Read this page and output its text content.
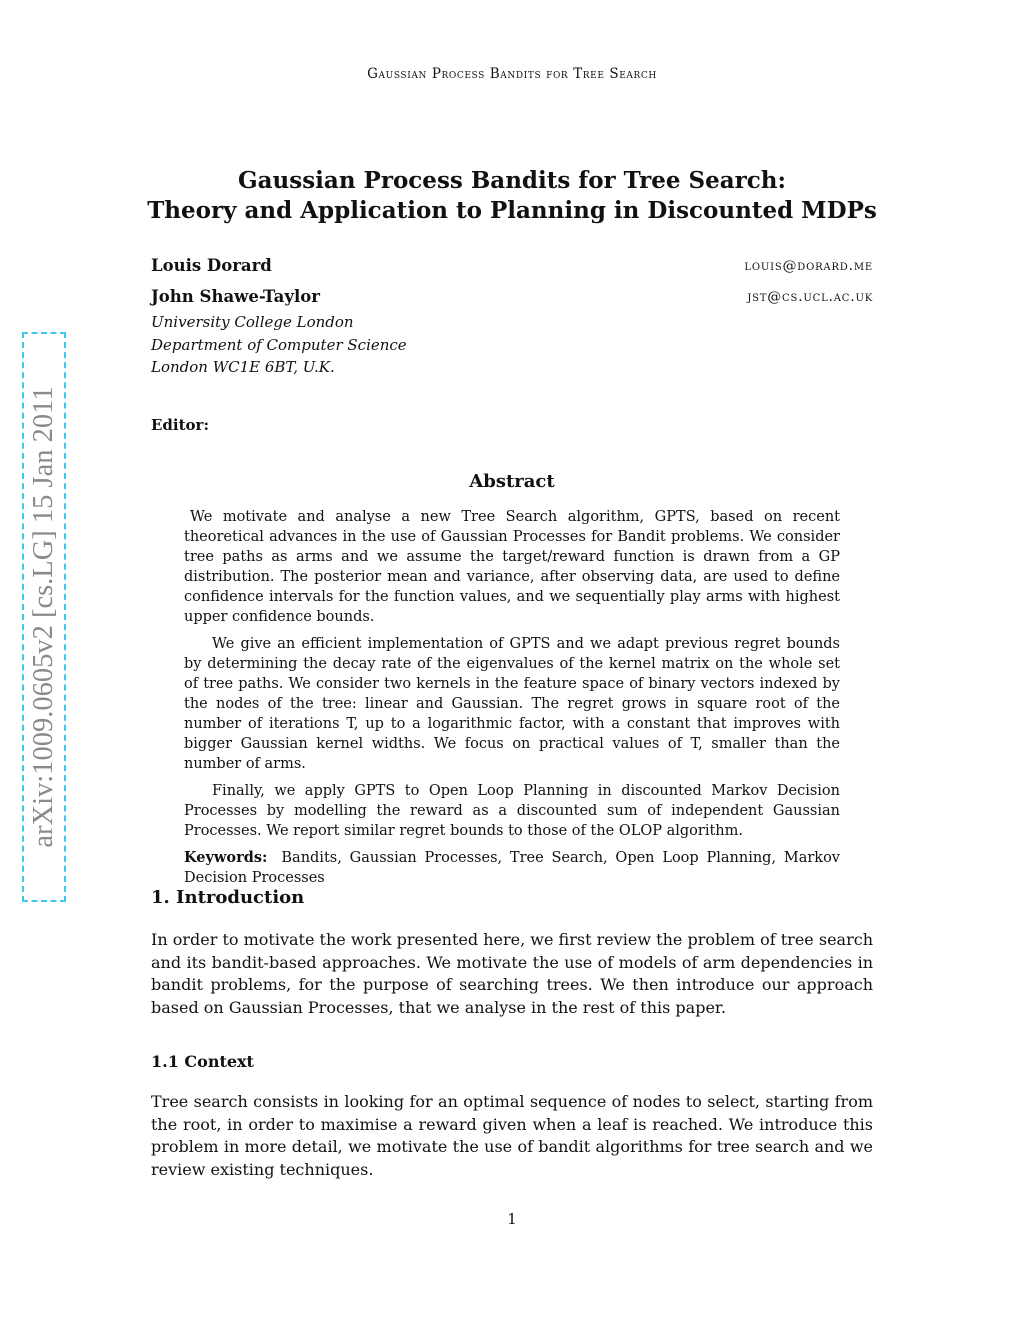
Gaussian Process Bandits for Tree Search
arXiv:1009.0605v2 [cs.LG] 15 Jan 2011
Gaussian Process Bandits for Tree Search:
Theory and Application to Planning in Discounted MDPs
Louis Dorard	louis@dorard.me
John Shawe-Taylor	jst@cs.ucl.ac.uk
University College London
Department of Computer Science
London WC1E 6BT, U.K.
Editor:
Abstract

We motivate and analyse a new Tree Search algorithm, GPTS, based on recent theoretical advances in the use of Gaussian Processes for Bandit problems. We consider tree paths as arms and we assume the target/reward function is drawn from a GP distribution. The posterior mean and variance, after observing data, are used to define confidence intervals for the function values, and we sequentially play arms with highest upper confidence bounds.

We give an efficient implementation of GPTS and we adapt previous regret bounds by determining the decay rate of the eigenvalues of the kernel matrix on the whole set of tree paths. We consider two kernels in the feature space of binary vectors indexed by the nodes of the tree: linear and Gaussian. The regret grows in square root of the number of iterations T, up to a logarithmic factor, with a constant that improves with bigger Gaussian kernel widths. We focus on practical values of T, smaller than the number of arms.

Finally, we apply GPTS to Open Loop Planning in discounted Markov Decision Processes by modelling the reward as a discounted sum of independent Gaussian Processes. We report similar regret bounds to those of the OLOP algorithm.

Keywords: Bandits, Gaussian Processes, Tree Search, Open Loop Planning, Markov Decision Processes
1. Introduction

In order to motivate the work presented here, we first review the problem of tree search and its bandit-based approaches. We motivate the use of models of arm dependencies in bandit problems, for the purpose of searching trees. We then introduce our approach based on Gaussian Processes, that we analyse in the rest of this paper.

1.1 Context

Tree search consists in looking for an optimal sequence of nodes to select, starting from the root, in order to maximise a reward given when a leaf is reached. We introduce this problem in more detail, we motivate the use of bandit algorithms for tree search and we review existing techniques.

1
